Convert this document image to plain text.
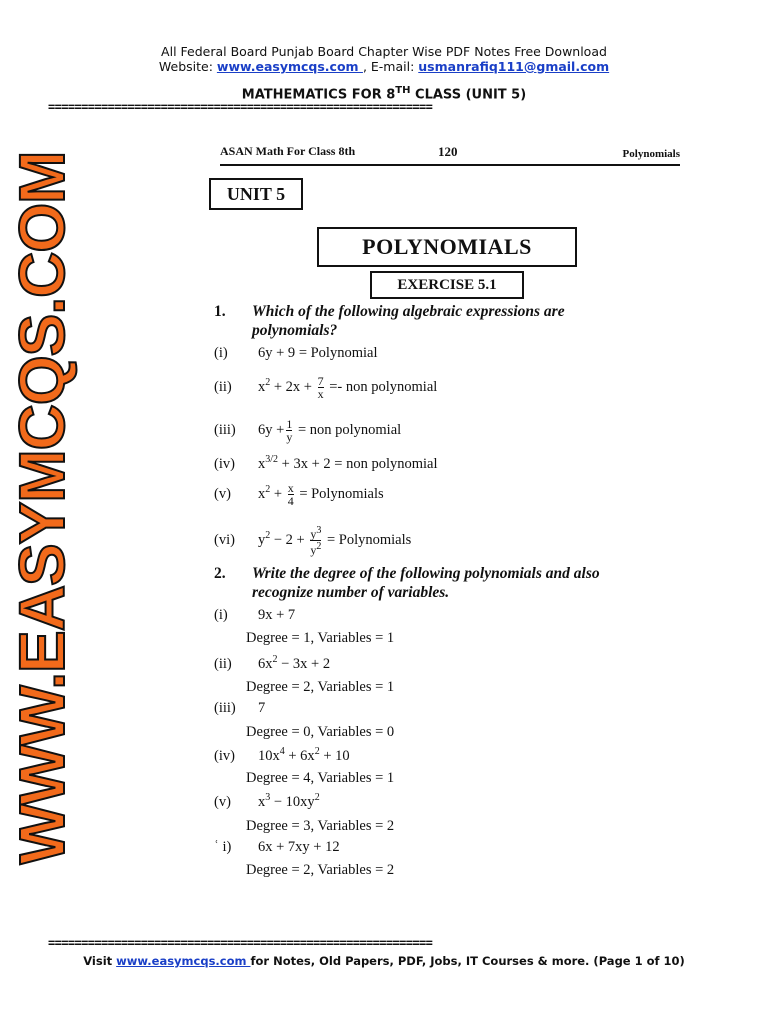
All Federal Board Punjab Board Chapter Wise PDF Notes Free Download
Website: www.easymcqs.com , E-mail: usmanrafiq111@gmail.com
MATHEMATICS FOR 8TH CLASS (UNIT 5)
==========================================================
WWW.EASYMCQS.COM
ASAN Math For Class 8th	120	Polynomials
UNIT 5
POLYNOMIALS
EXERCISE 5.1
1. Which of the following algebraic expressions are
polynomials?
(i) 6y + 9 = Polynomial
(ii) $x^2 + 2x + \frac{7}{x}$ =- non polynomial
(iii) $6y + \frac{1}{y}$ = non polynomial
(iv) $x^{3/2} + 3x + 2$ = non polynomial
(v) $x^2 + \frac{x}{4}$ = Polynomials
(vi) $y^2 - 2 + \frac{y^3}{y^2}$ = Polynomials
2. Write the degree of the following polynomials and also
recognize number of variables.
(i) 9x + 7
Degree = 1, Variables = 1
(ii) $6x^2 - 3x + 2$
Degree = 2, Variables = 1
(iii) 7
Degree = 0, Variables = 0
(iv) $10x^4 + 6x^2 + 10$
Degree = 4, Variables = 1
(v) $x^3 - 10xy^2$
Degree = 3, Variables = 2
ʿ i) 6x + 7xy + 12
Degree = 2, Variables = 2
==========================================================
Visit www.easymcqs.com for Notes, Old Papers, PDF, Jobs, IT Courses & more. (Page 1 of 10)
